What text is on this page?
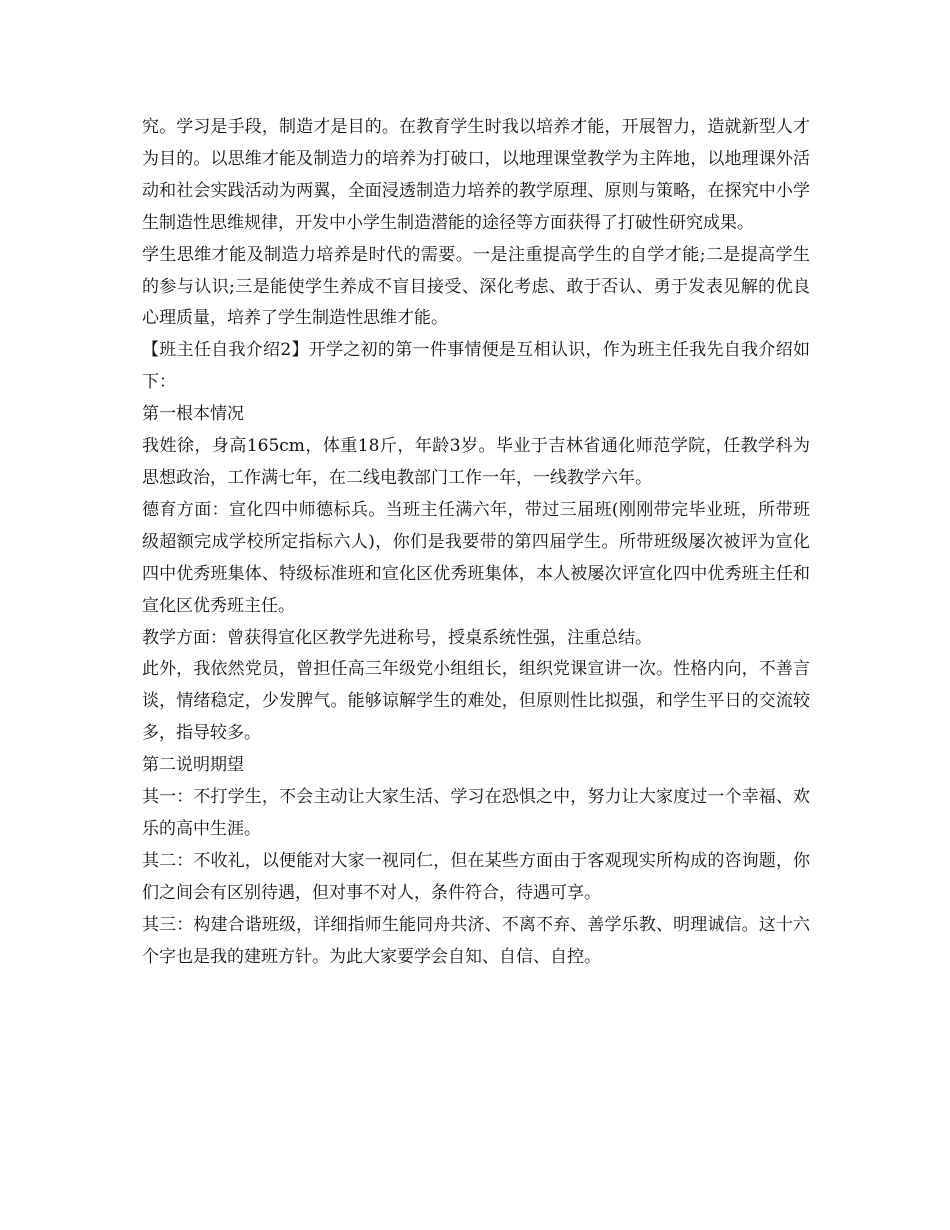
究。学习是手段，制造才是目的。在教育学生时我以培养才能，开展智力，造就新型人才为目的。以思维才能及制造力的培养为打破口，以地理课堂教学为主阵地，以地理课外活动和社会实践活动为两翼，全面浸透制造力培养的教学原理、原则与策略，在探究中小学生制造性思维规律，开发中小学生制造潜能的途径等方面获得了打破性研究成果。

学生思维才能及制造力培养是时代的需要。一是注重提高学生的自学才能;二是提高学生的参与认识;三是能使学生养成不盲目接受、深化考虑、敢于否认、勇于发表见解的优良心理质量，培养了学生制造性思维才能。

【班主任自我介绍2】开学之初的第一件事情便是互相认识，作为班主任我先自我介绍如下：

第一根本情况

我姓徐，身高165cm，体重18斤，年龄3岁。毕业于吉林省通化师范学院，任教学科为思想政治，工作满七年，在二线电教部门工作一年，一线教学六年。

德育方面：宣化四中师德标兵。当班主任满六年，带过三届班(刚刚带完毕业班，所带班级超额完成学校所定指标六人)，你们是我要带的第四届学生。所带班级屡次被评为宣化四中优秀班集体、特级标准班和宣化区优秀班集体，本人被屡次评宣化四中优秀班主任和宣化区优秀班主任。

教学方面：曾获得宣化区教学先进称号，授桌系统性强，注重总结。

此外，我依然党员，曾担任高三年级党小组组长，组织党课宣讲一次。性格内向，不善言谈，情绪稳定，少发脾气。能够谅解学生的难处，但原则性比拟强，和学生平日的交流较多，指导较多。

第二说明期望

其一：不打学生，不会主动让大家生活、学习在恐惧之中，努力让大家度过一个幸福、欢乐的高中生涯。

其二：不收礼，以便能对大家一视同仁，但在某些方面由于客观现实所构成的咨询题，你们之间会有区别待遇，但对事不对人，条件符合，待遇可享。

其三：构建合谐班级，详细指师生能同舟共济、不离不弃、善学乐教、明理诚信。这十六个字也是我的建班方针。为此大家要学会自知、自信、自控。
